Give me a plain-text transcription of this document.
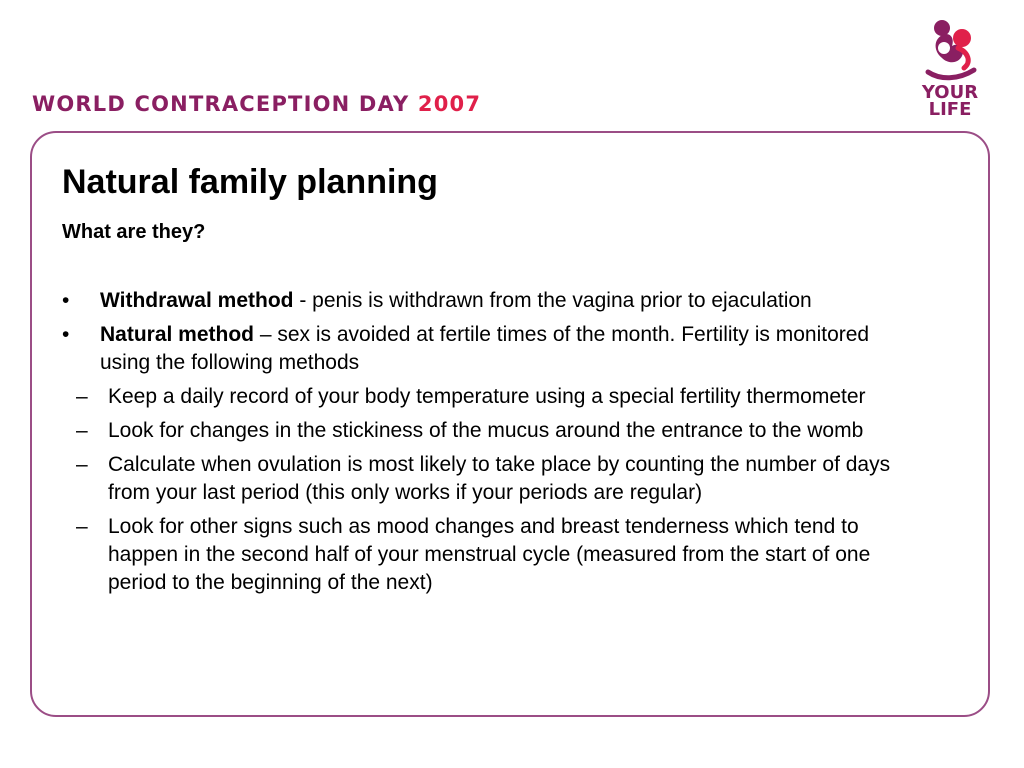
WORLD CONTRACEPTION DAY 2007	YOUR
LIFE
Natural family planning
What are they?
• Withdrawal method - penis is withdrawn from the vagina prior to ejaculation
• Natural method – sex is avoided at fertile times of the month. Fertility is monitored using the following methods
– Keep a daily record of your body temperature using a special fertility thermometer
– Look for changes in the stickiness of the mucus around the entrance to the womb
– Calculate when ovulation is most likely to take place by counting the number of days from your last period (this only works if your periods are regular)
– Look for other signs such as mood changes and breast tenderness which tend to happen in the second half of your menstrual cycle (measured from the start of one period to the beginning of the next)
